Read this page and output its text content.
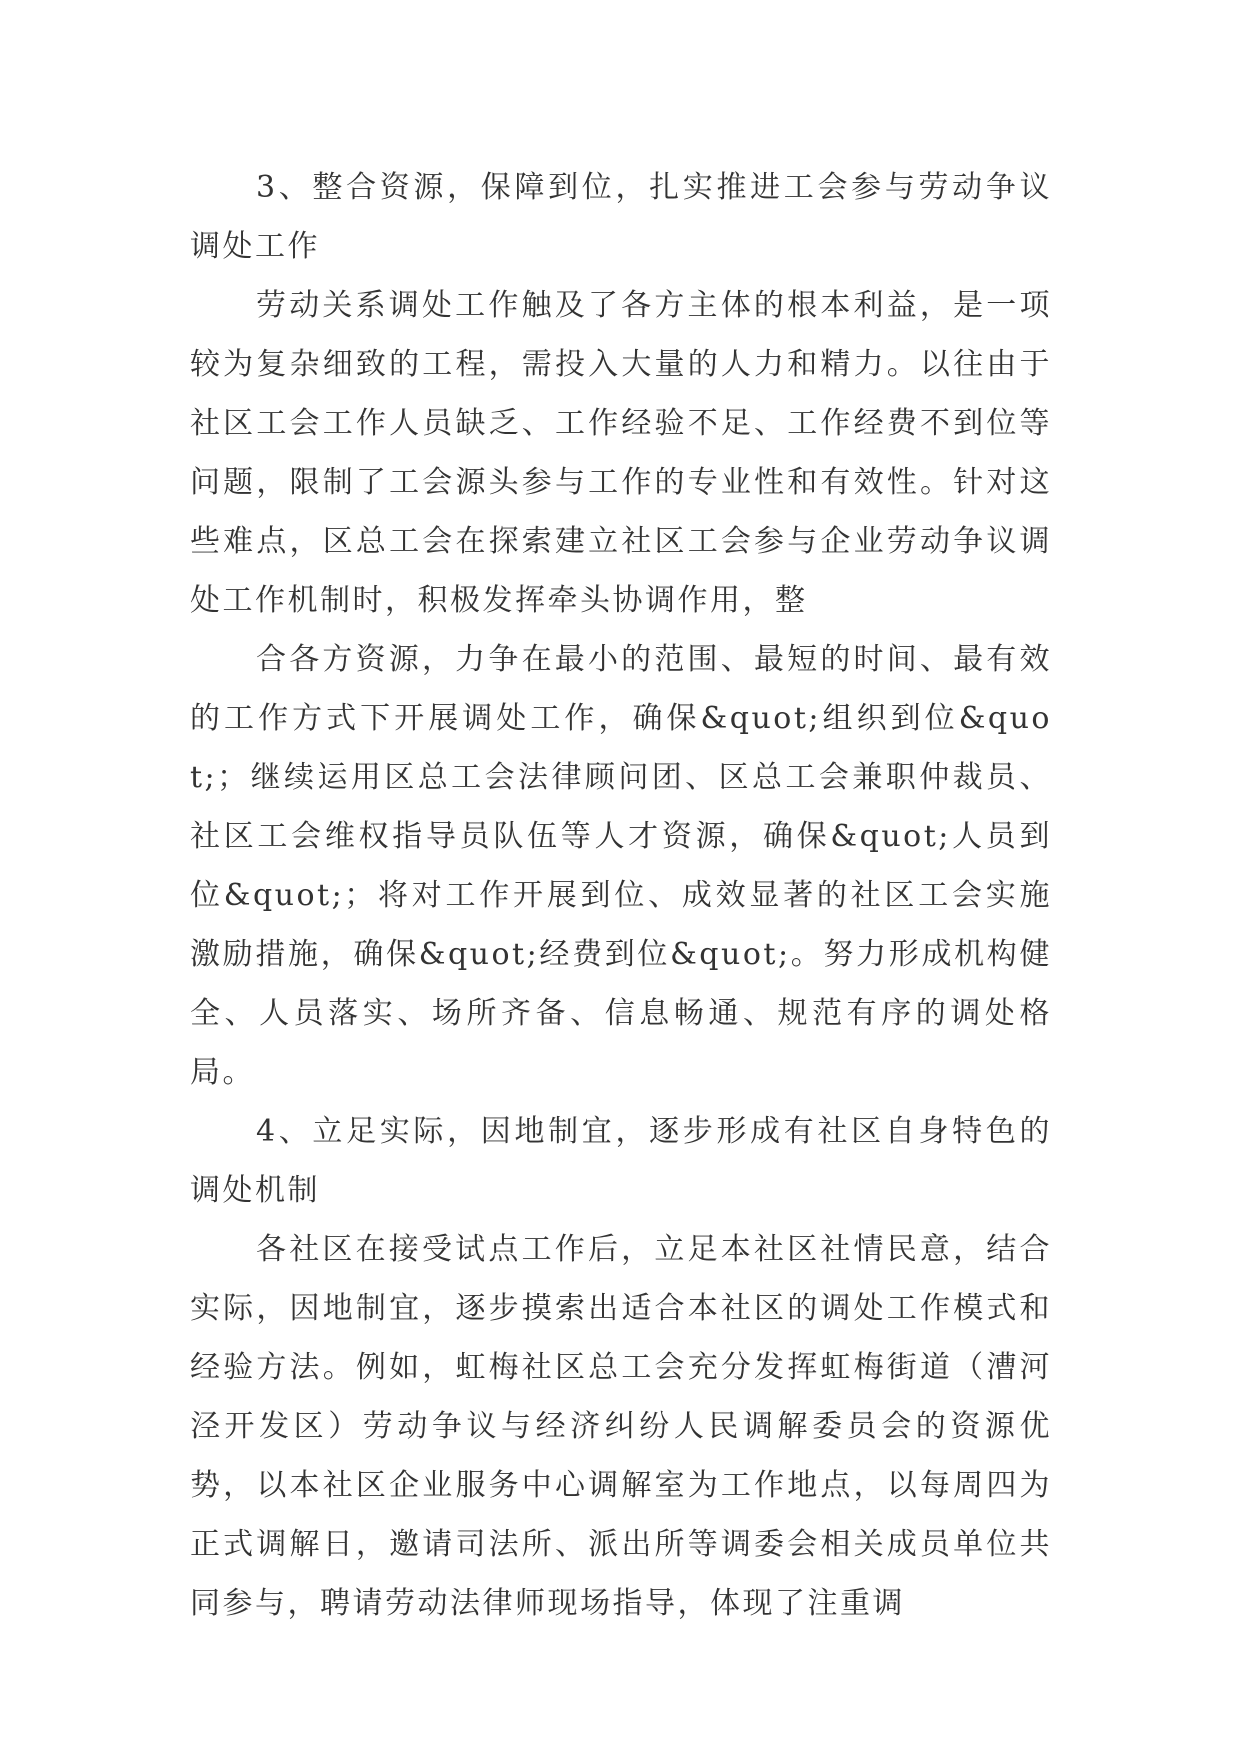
3、整合资源，保障到位，扎实推进工会参与劳动争议调处工作

劳动关系调处工作触及了各方主体的根本利益，是一项较为复杂细致的工程，需投入大量的人力和精力。以往由于社区工会工作人员缺乏、工作经验不足、工作经费不到位等问题，限制了工会源头参与工作的专业性和有效性。针对这些难点，区总工会在探索建立社区工会参与企业劳动争议调处工作机制时，积极发挥牵头协调作用，整

合各方资源，力争在最小的范围、最短的时间、最有效的工作方式下开展调处工作，确保&quot;组织到位&quot;；继续运用区总工会法律顾问团、区总工会兼职仲裁员、社区工会维权指导员队伍等人才资源，确保&quot;人员到位&quot;；将对工作开展到位、成效显著的社区工会实施激励措施，确保&quot;经费到位&quot;。努力形成机构健全、人员落实、场所齐备、信息畅通、规范有序的调处格局。

4、立足实际，因地制宜，逐步形成有社区自身特色的调处机制

各社区在接受试点工作后，立足本社区社情民意，结合实际，因地制宜，逐步摸索出适合本社区的调处工作模式和经验方法。例如，虹梅社区总工会充分发挥虹梅街道（漕河泾开发区）劳动争议与经济纠纷人民调解委员会的资源优势，以本社区企业服务中心调解室为工作地点，以每周四为正式调解日，邀请司法所、派出所等调委会相关成员单位共同参与，聘请劳动法律师现场指导，体现了注重调
